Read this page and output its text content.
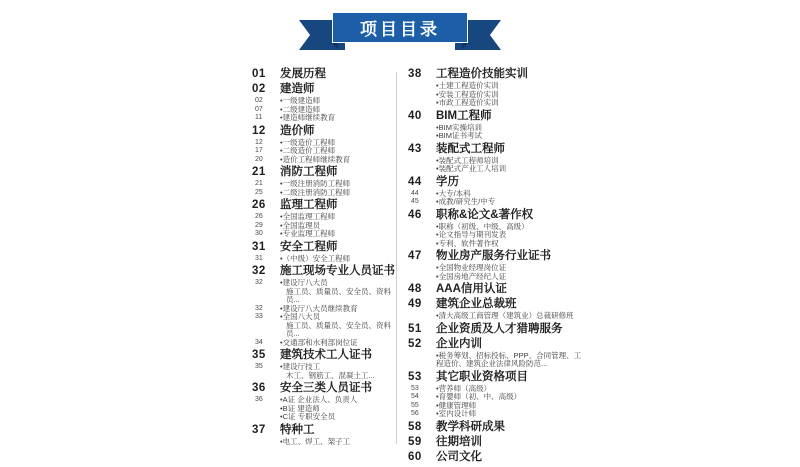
项目目录
01	发展历程
02	建造师
02	•一级建造师
07	•二级建造师
11	•建造师继续教育
12	造价师
12	•一级造价工程师
17	•二级造价工程师
20	•造价工程师继续教育
21	消防工程师
21	•一级注册消防工程师
25	•二级注册消防工程师
26	监理工程师
26	•全国监理工程师
29	•全国监理员
30	•专业监理工程师
31	安全工程师
31	•（中级）安全工程师
32	施工现场专业人员证书
32	•建设厅八大员
施工员、质量员、安全员、资料员...
32	•建设厅八大员继续教育
33	•全国八大员
施工员、质量员、安全员、资料员...
34	•交通部和水利部岗位证
35	建筑技术工人证书
35	•建设厅技工
木工、钢筋工、混凝土工...
36	安全三类人员证书
36	•A证 企业法人、负责人
•B证 建造师
•C证 专职安全员
37	特种工
•电工、焊工、架子工
38	工程造价技能实训
•土建工程造价实训
•安装工程造价实训
•市政工程造价实训
40	BIM工程师
•BIM实操培训
•BIM证书考试
43	装配式工程师
•装配式工程师培训
•装配式产业工人培训
44	学历
44	•大专/本科
45	•成教/研究生/中专
46	职称&论文&著作权
•职称（初级、中级、高级）
•论文指导与期刊发表
•专利、软件著作权
47	物业房产服务行业证书
•全国物业经理岗位证
•全国房地产经纪人证
48	AAA信用认证
49	建筑企业总裁班
•清大高级工商管理（建筑业）总裁研修班
51	企业资质及人才猎聘服务
52	企业内训
•税务筹划、招标投标、PPP、合同管理、工程造价、建筑企业法律风险防范...
53	其它职业资格项目
53	•营养师（高级）
54	•育婴师（初、中、高级）
55	•健康管理师
56	•室内设计师
58	教学科研成果
59	往期培训
60	公司文化
